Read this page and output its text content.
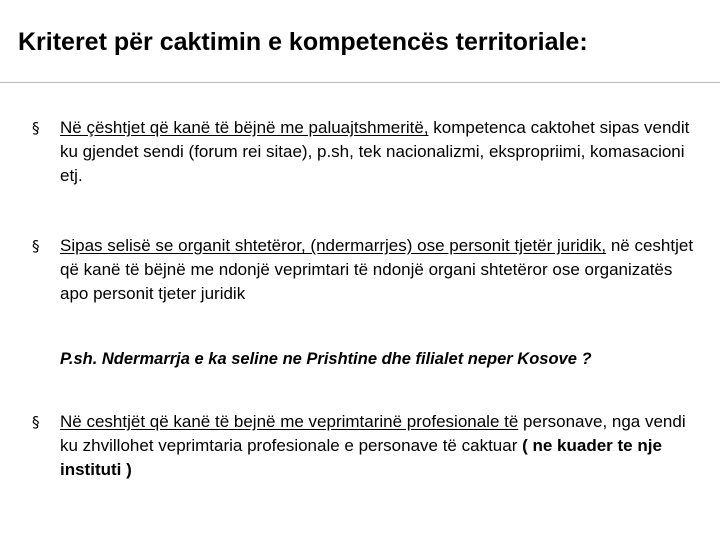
Kriteret për caktimin e kompetencës territoriale:
§ Në çështjet që kanë të bëjnë me paluajtshmeritë, kompetenca caktohet sipas vendit ku gjendet sendi (forum rei sitae), p.sh, tek nacionalizmi, ekspropriimi, komasacioni etj.
§ Sipas selisë se organit shtetëror, (ndermarrjes) ose personit tjetër juridik, në ceshtjet që kanë të bëjnë me ndonjë veprimtari të ndonjë organi shtetëror ose organizatës apo personit tjeter juridik
P.sh. Ndermarrja e ka seline ne Prishtine dhe filialet neper Kosove ?
§ Në ceshtjët që kanë të bejnë me veprimtarinë profesionale të personave, nga vendi ku zhvillohet veprimtaria profesionale e personave të caktuar ( ne kuader te nje instituti )
